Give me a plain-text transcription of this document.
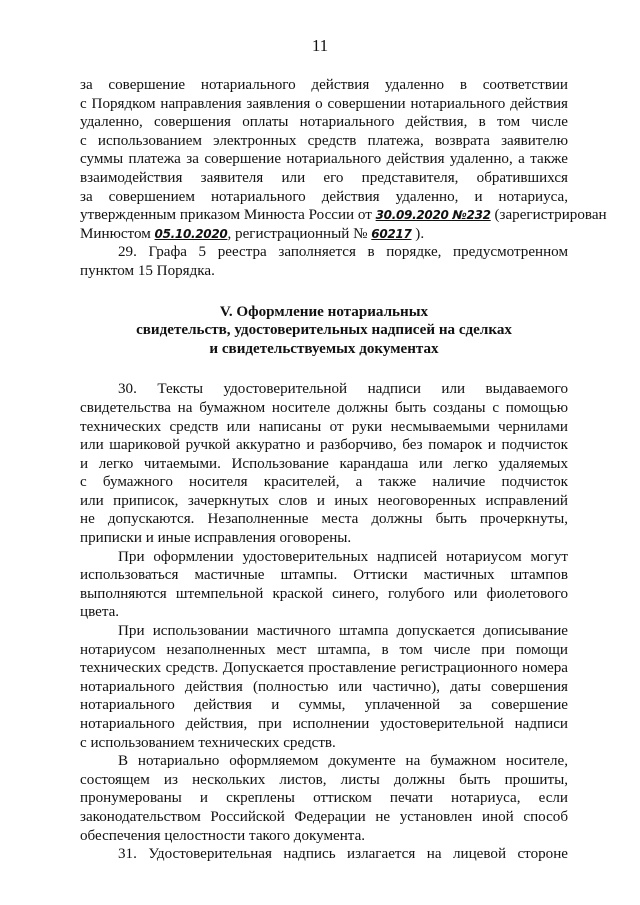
11
за совершение нотариального действия удаленно в соответствии
с Порядком направления заявления о совершении нотариального действия
удаленно, совершения оплаты нотариального действия, в том числе
с использованием электронных средств платежа, возврата заявителю
суммы платежа за совершение нотариального действия удаленно, а также
взаимодействия заявителя или его представителя, обратившихся
за совершением нотариального действия удаленно, и нотариуса,
утвержденным приказом Минюста России от 30.09.2020 №232 (зарегистрирован
Минюстом 05.10.2020, регистрационный № 60217 ).
29. Графа 5 реестра заполняется в порядке, предусмотренном
пунктом 15 Порядка.
V. Оформление нотариальных
свидетельств, удостоверительных надписей на сделках
и свидетельствуемых документах
30. Тексты удостоверительной надписи или выдаваемого
свидетельства на бумажном носителе должны быть созданы с помощью
технических средств или написаны от руки несмываемыми чернилами
или шариковой ручкой аккуратно и разборчиво, без помарок и подчисток
и легко читаемыми. Использование карандаша или легко удаляемых
с бумажного носителя красителей, а также наличие подчисток
или приписок, зачеркнутых слов и иных неоговоренных исправлений
не допускаются. Незаполненные места должны быть прочеркнуты,
приписки и иные исправления оговорены.
При оформлении удостоверительных надписей нотариусом могут
использоваться мастичные штампы. Оттиски мастичных штампов
выполняются штемпельной краской синего, голубого или фиолетового
цвета.
При использовании мастичного штампа допускается дописывание
нотариусом незаполненных мест штампа, в том числе при помощи
технических средств. Допускается проставление регистрационного номера
нотариального действия (полностью или частично), даты совершения
нотариального действия и суммы, уплаченной за совершение
нотариального действия, при исполнении удостоверительной надписи
с использованием технических средств.
В нотариально оформляемом документе на бумажном носителе,
состоящем из нескольких листов, листы должны быть прошиты,
пронумерованы и скреплены оттиском печати нотариуса, если
законодательством Российской Федерации не установлен иной способ
обеспечения целостности такого документа.
31. Удостоверительная надпись излагается на лицевой стороне
